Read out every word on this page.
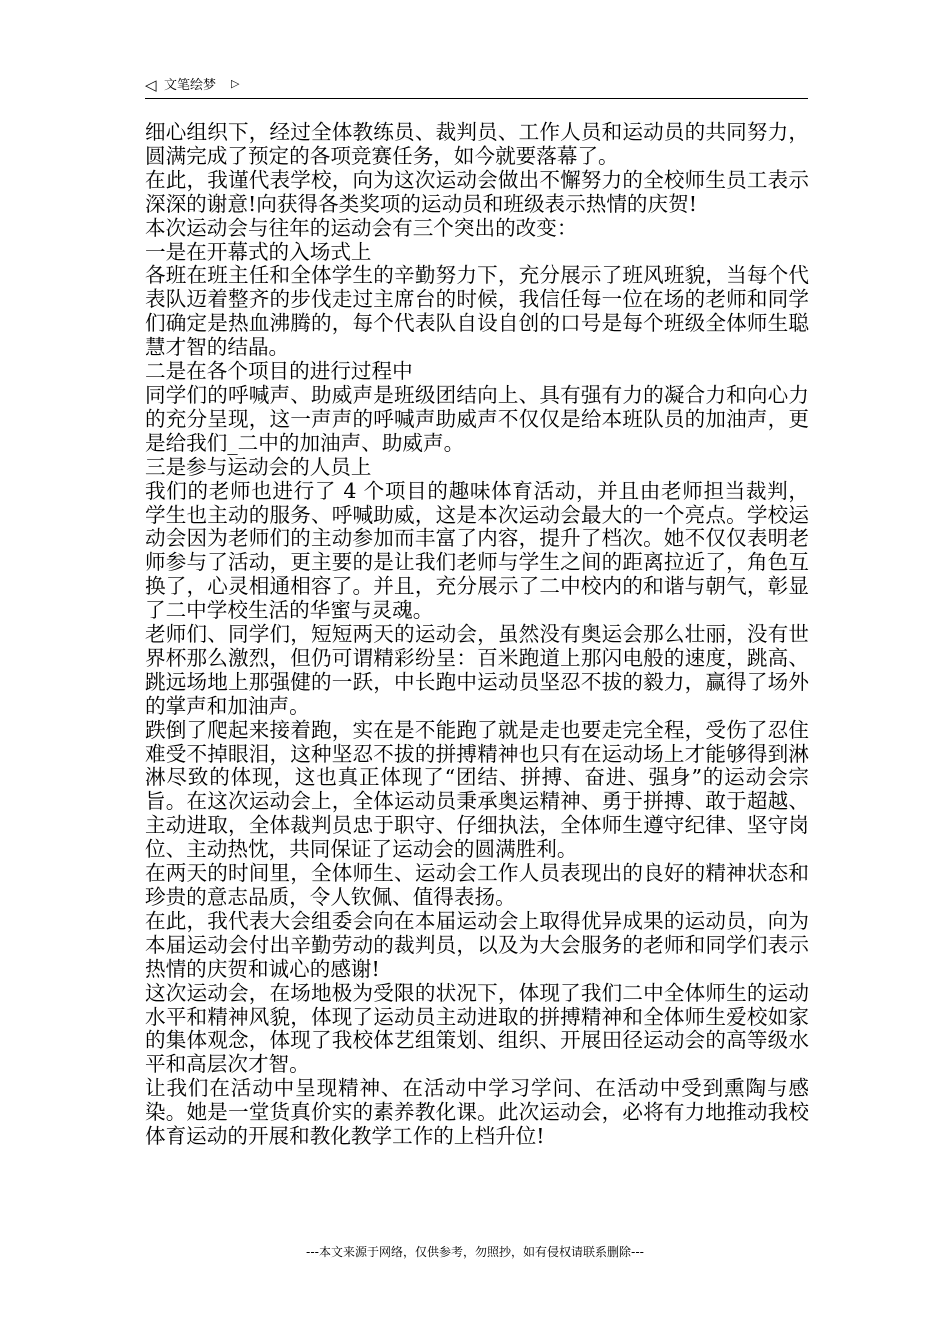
◁ 文笔绘梦 ▷

细心组织下，经过全体教练员、裁判员、工作人员和运动员的共同努力，圆满完成了预定的各项竞赛任务，如今就要落幕了。

在此，我谨代表学校，向为这次运动会做出不懈努力的全校师生员工表示深深的谢意!向获得各类奖项的运动员和班级表示热情的庆贺!

本次运动会与往年的运动会有三个突出的改变：

一是在开幕式的入场式上

各班在班主任和全体学生的辛勤努力下，充分展示了班风班貌，当每个代表队迈着整齐的步伐走过主席台的时候，我信任每一位在场的老师和同学们确定是热血沸腾的，每个代表队自设自创的口号是每个班级全体师生聪慧才智的结晶。

二是在各个项目的进行过程中

同学们的呼喊声、助威声是班级团结向上、具有强有力的凝合力和向心力的充分呈现，这一声声的呼喊声助威声不仅仅是给本班队员的加油声，更是给我们_二中的加油声、助威声。

三是参与运动会的人员上

我们的老师也进行了 4 个项目的趣味体育活动，并且由老师担当裁判，学生也主动的服务、呼喊助威，这是本次运动会最大的一个亮点。学校运动会因为老师们的主动参加而丰富了内容，提升了档次。她不仅仅表明老师参与了活动，更主要的是让我们老师与学生之间的距离拉近了，角色互换了，心灵相通相容了。并且，充分展示了二中校内的和谐与朝气，彰显了二中学校生活的华蜜与灵魂。

老师们、同学们，短短两天的运动会，虽然没有奥运会那么壮丽，没有世界杯那么激烈，但仍可谓精彩纷呈：百米跑道上那闪电般的速度，跳高、跳远场地上那强健的一跃，中长跑中运动员坚忍不拔的毅力，赢得了场外的掌声和加油声。

跌倒了爬起来接着跑，实在是不能跑了就是走也要走完全程，受伤了忍住难受不掉眼泪，这种坚忍不拔的拼搏精神也只有在运动场上才能够得到淋淋尽致的体现，这也真正体现了“团结、拼搏、奋进、强身”的运动会宗旨。在这次运动会上，全体运动员秉承奥运精神、勇于拼搏、敢于超越、主动进取，全体裁判员忠于职守、仔细执法，全体师生遵守纪律、坚守岗位、主动热忱，共同保证了运动会的圆满胜利。

在两天的时间里，全体师生、运动会工作人员表现出的良好的精神状态和珍贵的意志品质，令人钦佩、值得表扬。

在此，我代表大会组委会向在本届运动会上取得优异成果的运动员，向为本届运动会付出辛勤劳动的裁判员，以及为大会服务的老师和同学们表示热情的庆贺和诚心的感谢!

这次运动会，在场地极为受限的状况下，体现了我们二中全体师生的运动水平和精神风貌，体现了运动员主动进取的拼搏精神和全体师生爱校如家的集体观念，体现了我校体艺组策划、组织、开展田径运动会的高等级水平和高层次才智。

让我们在活动中呈现精神、在活动中学习学问、在活动中受到熏陶与感染。她是一堂货真价实的素养教化课。此次运动会，必将有力地推动我校体育运动的开展和教化教学工作的上档升位!

---本文来源于网络，仅供参考，勿照抄，如有侵权请联系删除---
